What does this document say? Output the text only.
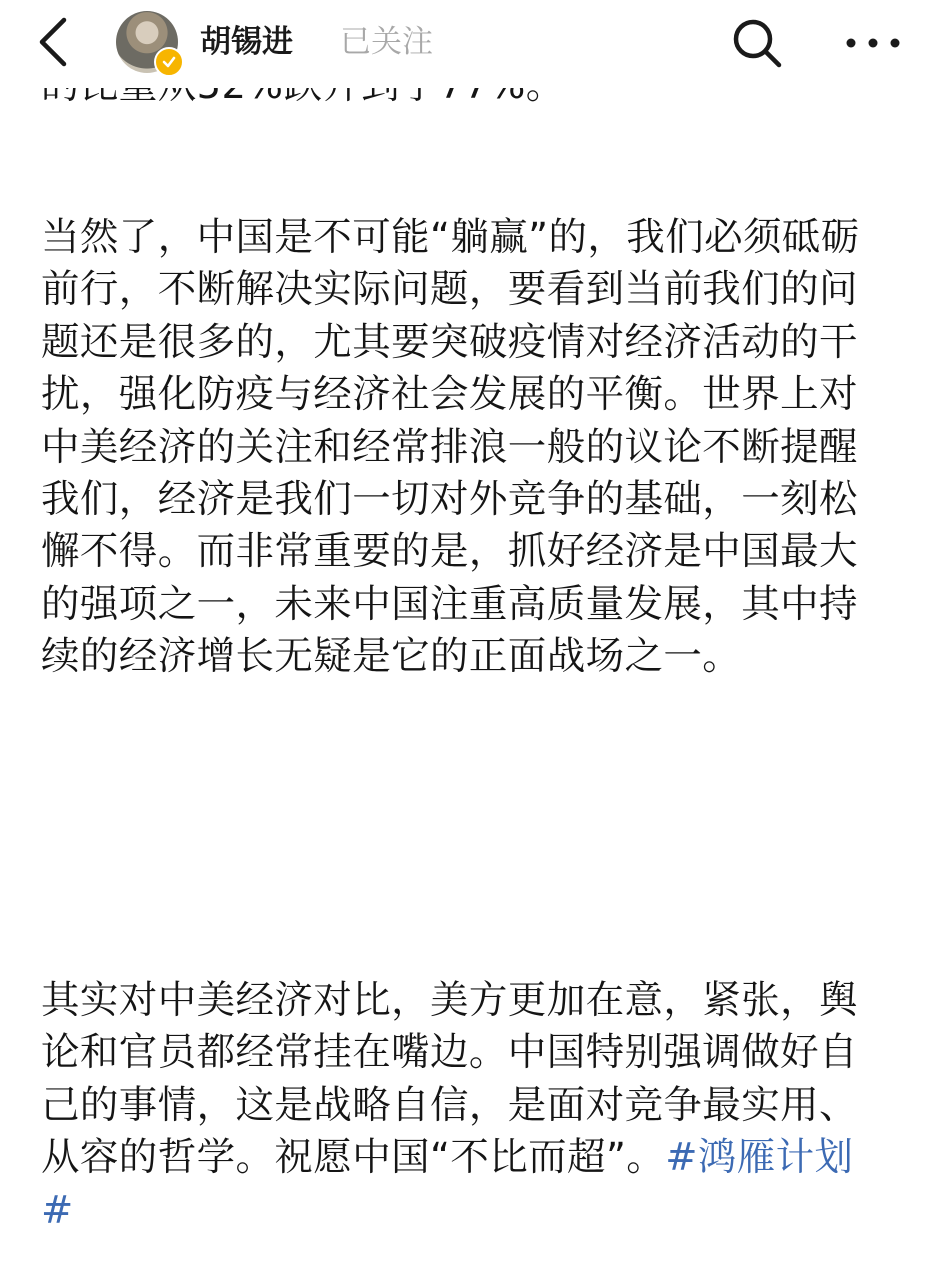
当然了，中国是不可能“躺赢”的，我们必须砥砺前行，不断解决实际问题，要看到当前我们的问题还是很多的，尤其要突破疫情对经济活动的干扰，强化防疫与经济社会发展的平衡。世界上对中美经济的关注和经常排浪一般的议论不断提醒我们，经济是我们一切对外竞争的基础，一刻松懈不得。而非常重要的是，抓好经济是中国最大的强项之一，未来中国注重高质量发展，其中持续的经济增长无疑是它的正面战场之一。

其实对中美经济对比，美方更加在意，紧张，舆论和官员都经常挂在嘴边。中国特别强调做好自己的事情，这是战略自信，是面对竞争最实用、从容的哲学。祝愿中国“不比而超”。#鸿雁计划#

胡锡进 已关注
